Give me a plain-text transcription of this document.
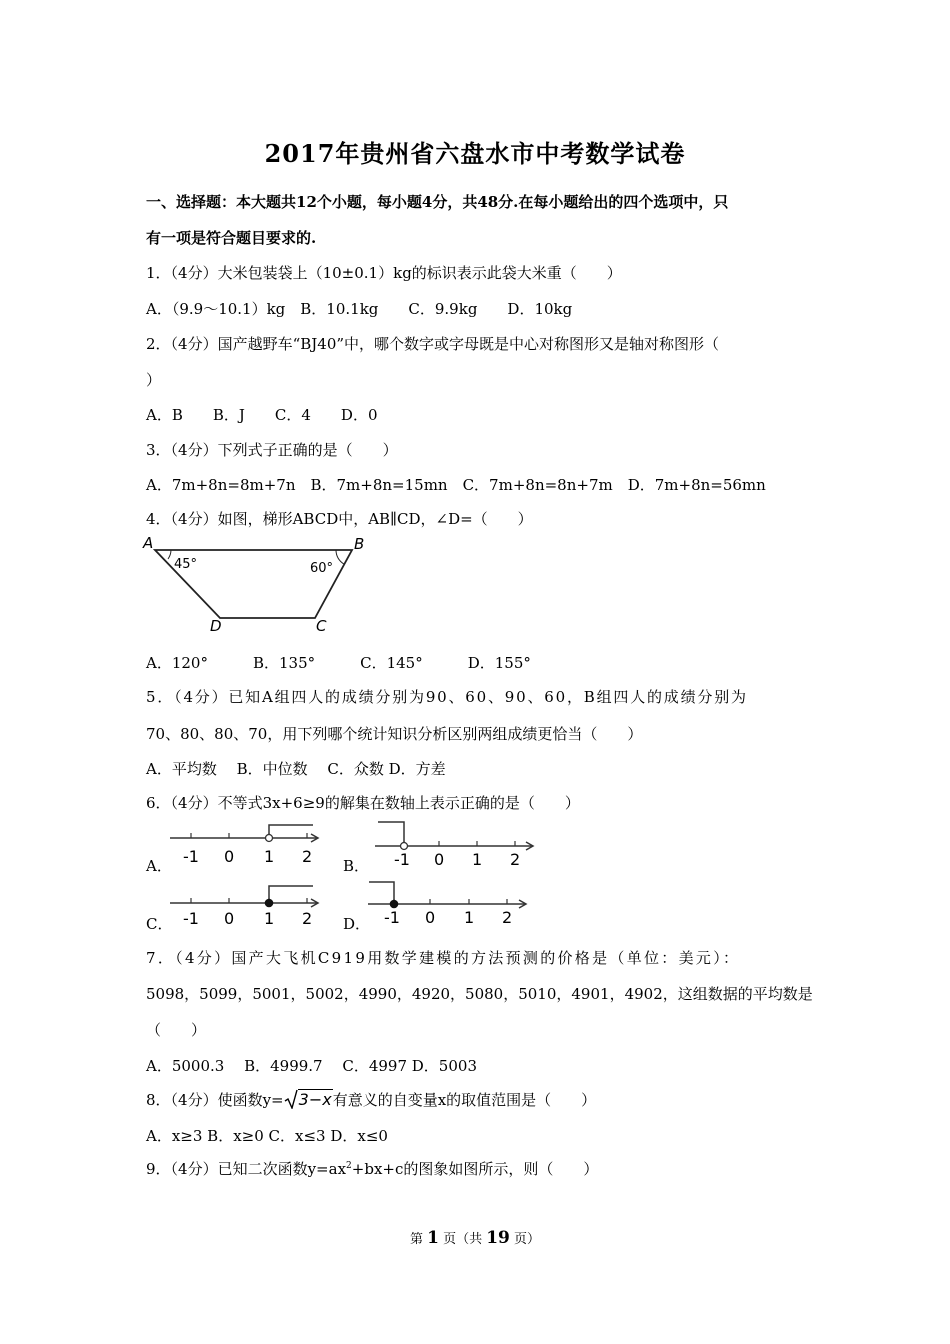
2017年贵州省六盘水市中考数学试卷
一、选择题：本大题共12个小题，每小题4分，共48分.在每小题给出的四个选项中，只
有一项是符合题目要求的.
1．（4分）大米包装袋上（10±0.1）kg的标识表示此袋大米重（　　）
A．（9.9～10.1）kg　B．10.1kg　　C．9.9kg　　D．10kg
2．（4分）国产越野车“BJ40”中，哪个数字或字母既是中心对称图形又是轴对称图形（
）
A．B　　B．J　　C．4　　D．0
3．（4分）下列式子正确的是（　　）
A．7m+8n=8m+7n　B．7m+8n=15mn　C．7m+8n=8n+7m　D．7m+8n=56mn
4．（4分）如图，梯形ABCD中，AB∥CD，∠D=（　　）
A	B
C
D
45°	60°
A．120°　　　B．135°　　　C．145°　　　D．155°
5．（4分）已知A组四人的成绩分别为90、60、90、60，B组四人的成绩分别为
70、80、80、70，用下列哪个统计知识分析区别两组成绩更恰当（　　）
A．平均数　 B．中位数　 C．众数 D．方差
6．（4分）不等式3x+6≥9的解集在数轴上表示正确的是（　　）
A． -1 0 1 2 B． -1 0 1 2
C． -1 0 1 2 D． -1 0 1 2
7．（4分）国产大飞机C919用数学建模的方法预测的价格是（单位：美元）：
5098，5099，5001，5002，4990，4920，5080，5010，4901，4902，这组数据的平均数是
（　　）
A．5000.3　 B．4999.7　 C．4997 D．5003
8．（4分）使函数y= 3−x有意义的自变量x的取值范围是（　　）
A．x≥3 B．x≥0 C．x≤3 D．x≤0
9．（4分）已知二次函数$y=ax^2+bx+c$的图象如图所示，则（　　）
第 1 页（共 19 页）
